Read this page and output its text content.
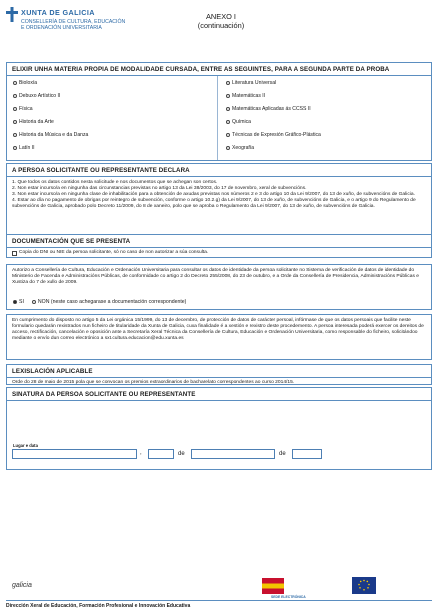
XUNTA DE GALICIA
CONSELLERÍA DE CULTURA, EDUCACIÓN
E ORDENACIÓN UNIVERSITARIA
ANEXO I
(continuación)
ELIXIR UNHA MATERIA PROPIA DE MODALIDADE CURSADA, ENTRE AS SEGUINTES, PARA A SEGUNDA PARTE DA PROBA
Bioloxía
Debuxo Artístico II
Física
Historia da Arte
Historia da Música e da Danza
Latín II
Literatura Universal
Matemáticas II
Matemáticas Aplicadas ás CCSS II
Química
Técnicas de Expresión Gráfico-Plástica
Xeografía
A PERSOA SOLICITANTE OU REPRESENTANTE DECLARA
1. Que todos os datos contidos nesta solicitude e nos documentos que se achegan son certos.
2. Non estar incurso/a en ningunha das circunstancias previstas no artigo 13 da Lei 38/2003, do 17 de novembro, xeral de subvencións.
3. Non estar incurso/a en ningunha clase de inhabilitación para a obtención de axudas previstas nos números 2 e 3 do artigo 10 da Lei 9/2007, do 13 de xuño, de subvencións de Galicia.
4. Estar ao día no pagamento de obrigas por reintegro de subvención, conforme o artigo 10.2.g) da Lei 9/2007, do 13 de xuño, de subvencións de Galicia, e o artigo 9 do Regulamento de subvencións de Galicia, aprobado polo Decreto 11/2009, do 8 de xaneiro, polo que se aproba o Regulamento da Lei 9/2007, do 13 de xuño, de subvencións de Galicia.
DOCUMENTACIÓN QUE SE PRESENTA
Copia do DNI ou NIE da persoa solicitante, só no caso de non autorizar a súa consulta.
Autorizo a Consellería de Cultura, Educación e Ordenación Universitaria para consultar os datos de identidade da persoa solicitante no Sistema de verificación de datos de identidade do Ministerio de Facenda e Administracións Públicas, de conformidade co artigo 2 do Decreto 255/2008, do 23 de outubro, e a Orde da Consellería de Presidencia, Administracións Públicas e Xustiza do 7 de xullo de 2009.
SI	NON (neste caso achegarase a documentación correspondente)
En cumprimento do disposto no artigo 5 da Lei orgánica 15/1999, do 13 de decembro, de protección de datos de carácter persoal, infórmase de que os datos persoais que facilite neste formulario quedarán rexistrados nun ficheiro de titularidade da Xunta de Galicia, cuxa finalidade é a xestión e rexistro deste procedemento. A persoa interesada poderá exercer os dereitos de acceso, rectificación, cancelación e oposición ante a Secretaría Xeral Técnica da Consellería de Cultura, Educación e Ordenación Universitaria, como responsable do ficheiro, solicitándoo mediante o envío dun correo electrónico a sxt.cultura.educacion@edu.xunta.es
LEXISLACIÓN APLICABLE
Orde do 28 de maio de 2015 pola que se convocan os premios extraordinarios de bacharelato correspondentes ao curso 2014/15.
SINATURA DA PERSOA SOLICITANTE OU REPRESENTANTE
Lugar e data
,	de	de
galicia
SEDE ELECTRÓNICA
Dirección Xeral de Educación, Formación Profesional e Innovación Educativa
